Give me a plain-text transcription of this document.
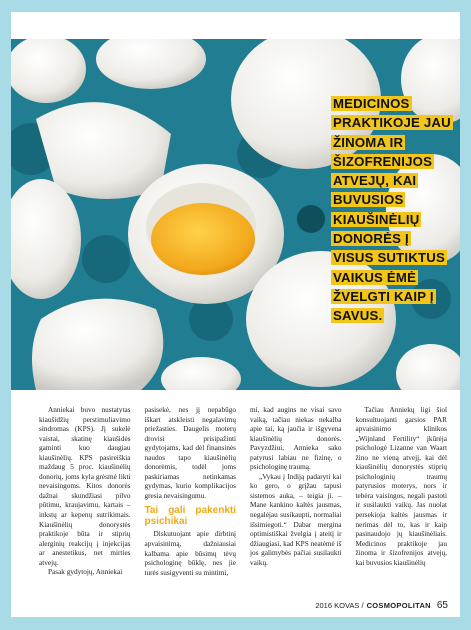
MEDICINOS PRAKTIKOJE JAU ŽINOMA IR ŠIZOFRENIJOS ATVEJŲ, KAI BUVUSIOS KIAUŠINĖLIŲ DONORĖS Į VISUS SUTIKTUS VAIKUS ĖMĖ ŽVELGTI KAIP Į SAVUS.

Anniekai buvo nustatytas kiaušidžių perstimuliavimo sindromas (KPS). Jį sukelė vaistai, skatinę kiaušidės gaminti kuo daugiau kiaušinėlių. KPS pasireiškia maždaug 5 proc. kiaušinėlių donorių, joms kyla grėsmė likti nevaisingoms. Kitos donorės dažnai skundžiasi pilvo pūtimu, kraujavimu, kartais – inkstų ar kepenų sutrikimais. Kiaušinėlių donorystės praktikoje būta ir stiprių alerginių reakcijų į injekcijas ar anestetikus, net mirties atvejų.

Pasak gydytojų, Anniekai

pasisekė, nes jį nepabūgo iškart atskleisti negalavimų priežasties. Daugelis moterų drovisi prisipažinti gydytojams, kad dėl finansinės naudos tapo kiaušinėlių donorėmis, todėl joms paskiriamas netinkamas gydymas, kurio komplikacijos gresia nevaisingumu.

Tai gali pakenkti psichikai

Diskutuojant apie dirbtinį apvaisinimą, dažniausiai kalbama apie būsimų tėvų psichologinę būklę, nes jie turės susigyventi su mintimi,

mi, kad augins ne visai savo vaiką, tačiau niekas nekalba apie tai, ką jaučia ir išgyvena kiaušinėlių donorės. Pavyzdžiui, Annieka sako patyrusi labiau ne fizinę, o psichologinę traumą.

„Vykau į Indiją padaryti kai ko gero, o grįžau tapusi sistemos auka, – teigia ji. – Mane kankino kaltės jausmas, negalėjau susikaupti, normaliai išsimiegoti.“ Dabar mergina optimistiškai žvelgia į ateitį ir džiaugiasi, kad KPS neatėmė iš jos galimybės pačiai susilaukti vaikų.

Tačiau Anniekų ligi šiol konsultuojanti garsios PAR apvaisinimo klinikos „Wijnland Fertility“ įkūrėja psichologė Lizanne van Waart žino ne vieną atvejį, kai dėl kiaušinėlių donorystės stiprių psichologinių traumų patyrusios moterys, nors ir tebėra vaisingos, negali pastoti ir susilaukti vaikų. Jas nuolat persekioja kaltės jausmas ir nerimas dėl to, kas ir kaip pasinaudojo jų kiaušinėliais. Medicinos praktikoje jau žinoma ir šizofrenijos atvejų, kai buvusios kiaušinėlių

2016 KOVAS / COSMOPOLITAN 65
